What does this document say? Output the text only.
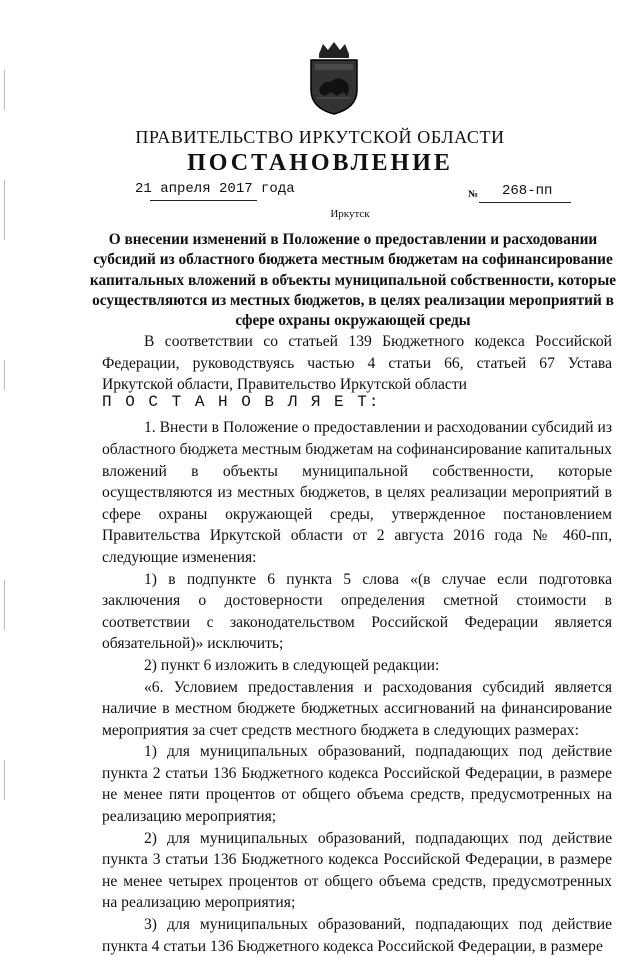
ПРАВИТЕЛЬСТВО ИРКУТСКОЙ ОБЛАСТИ
ПОСТАНОВЛЕНИЕ
21 апреля 2017 года	№ 268-пп
Иркутск
О внесении изменений в Положение о предоставлении и расходовании субсидий из областного бюджета местным бюджетам на софинансирование капитальных вложений в объекты муниципальной собственности, которые осуществляются из местных бюджетов, в целях реализации мероприятий в сфере охраны окружающей среды

В соответствии со статьей 139 Бюджетного кодекса Российской Федерации, руководствуясь частью 4 статьи 66, статьей 67 Устава Иркутской области, Правительство Иркутской области

1. Внести в Положение о предоставлении и расходовании субсидий из областного бюджета местным бюджетам на софинансирование капитальных вложений в объекты муниципальной собственности, которые осуществляются из местных бюджетов, в целях реализации мероприятий в сфере охраны окружающей среды, утвержденное постановлением Правительства Иркутской области от 2 августа 2016 года № 460-пп, следующие изменения:

1) в подпункте 6 пункта 5 слова «(в случае если подготовка заключения о достоверности определения сметной стоимости в соответствии с законодательством Российской Федерации является обязательной)» исключить;

2) пункт 6 изложить в следующей редакции:

«6. Условием предоставления и расходования субсидий является наличие в местном бюджете бюджетных ассигнований на финансирование мероприятия за счет средств местного бюджета в следующих размерах:

1) для муниципальных образований, подпадающих под действие пункта 2 статьи 136 Бюджетного кодекса Российской Федерации, в размере не менее пяти процентов от общего объема средств, предусмотренных на реализацию мероприятия;

2) для муниципальных образований, подпадающих под действие пункта 3 статьи 136 Бюджетного кодекса Российской Федерации, в размере не менее четырех процентов от общего объема средств, предусмотренных на реализацию мероприятия;

3) для муниципальных образований, подпадающих под действие пункта 4 статьи 136 Бюджетного кодекса Российской Федерации, в размере

П О С Т А Н О В Л Я Е Т:
